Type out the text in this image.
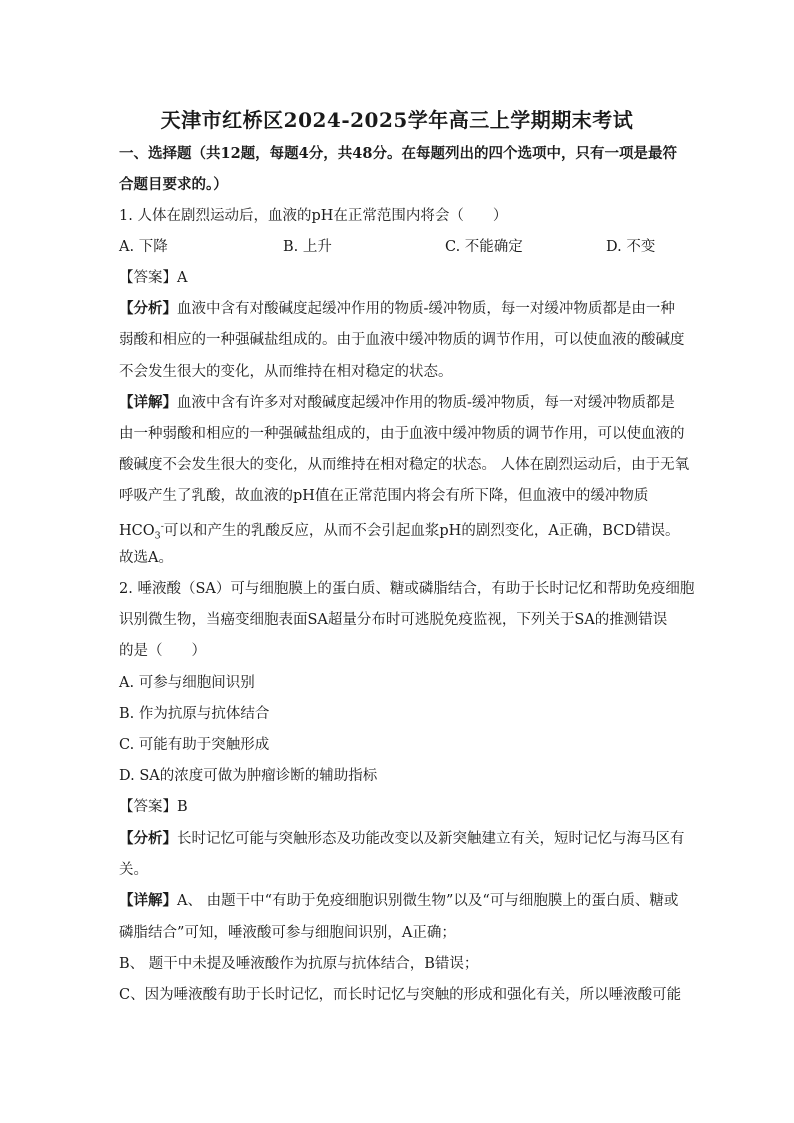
天津市红桥区2024-2025学年高三上学期期末考试
一、选择题（共12题，每题4分，共48分。在每题列出的四个选项中，只有一项是最符
合题目要求的。）
1. 人体在剧烈运动后，血液的pH在正常范围内将会（　　）
A. 下降	B. 上升	C. 不能确定	D. 不变
【答案】A
【分析】血液中含有对酸碱度起缓冲作用的物质-缓冲物质，每一对缓冲物质都是由一种
弱酸和相应的一种强碱盐组成的。由于血液中缓冲物质的调节作用，可以使血液的酸碱度
不会发生很大的变化，从而维持在相对稳定的状态。
【详解】血液中含有许多对对酸碱度起缓冲作用的物质-缓冲物质，每一对缓冲物质都是
由一种弱酸和相应的一种强碱盐组成的，由于血液中缓冲物质的调节作用，可以使血液的
酸碱度不会发生很大的变化，从而维持在相对稳定的状态。 人体在剧烈运动后，由于无氧
呼吸产生了乳酸，故血液的pH值在正常范围内将会有所下降，但血液中的缓冲物质
$HCO_3^-$可以和产生的乳酸反应，从而不会引起血浆pH的剧烈变化，A正确，BCD错误。
故选A。
2. 唾液酸（SA）可与细胞膜上的蛋白质、糖或磷脂结合，有助于长时记忆和帮助免疫细胞
识别微生物，当癌变细胞表面SA超量分布时可逃脱免疫监视，下列关于SA的推测错误
的是（　　）
A. 可参与细胞间识别
B. 作为抗原与抗体结合
C. 可能有助于突触形成
D. SA的浓度可做为肿瘤诊断的辅助指标
【答案】B
【分析】长时记忆可能与突触形态及功能改变以及新突触建立有关，短时记忆与海马区有
关。
【详解】A、 由题干中“有助于免疫细胞识别微生物”以及“可与细胞膜上的蛋白质、糖或
磷脂结合”可知，唾液酸可参与细胞间识别，A正确；
B、 题干中未提及唾液酸作为抗原与抗体结合，B错误；
C、因为唾液酸有助于长时记忆，而长时记忆与突触的形成和强化有关，所以唾液酸可能
